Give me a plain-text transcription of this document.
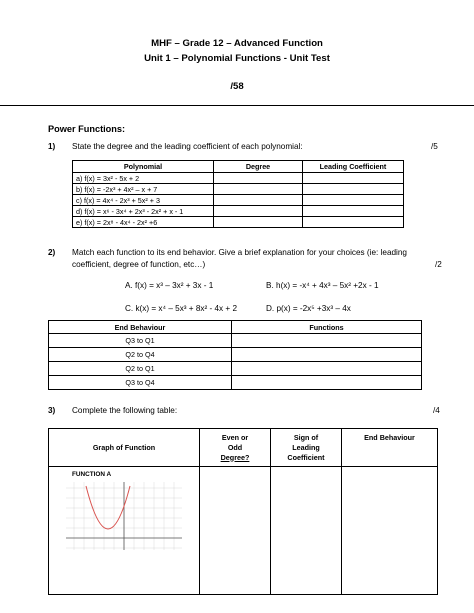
MHF – Grade 12 – Advanced Function
Unit 1 – Polynomial Functions - Unit Test
/58
Power Functions:
1) State the degree and the leading coefficient of each polynomial:	/5
Polynomial	Degree	Leading Coefficient
a) f(x) = 3x² - 5x + 2		
b) f(x) = -2x³ + 4x² – x + 7		
c) f(x) = 4x⁴ - 2x³ + 5x² + 3		
d) f(x) = x⁶ - 3x⁴ + 2x³ - 2x² + x - 1		
e) f(x) = 2x⁸ - 4x⁴ - 2x² +6		
2) Match each function to its end behavior. Give a brief explanation for your choices (ie: leading
coefficient, degree of function, etc…)	/2
A. f(x) = x³ – 3x² + 3x - 1	B. h(x) = -x⁴ + 4x³ – 5x² +2x - 1
C. k(x) = x⁴ – 5x³ + 8x² - 4x + 2	D. p(x) = -2x⁵ +3x³ – 4x
End Behaviour	Functions
Q3 to Q1	
Q2 to Q4	
Q2 to Q1	
Q3 to Q4	
3) Complete the following table:	/4
Graph of Function	Even or
Odd
Degree?	Sign of
Leading
Coefficient	End Behaviour

FUNCTION A			
